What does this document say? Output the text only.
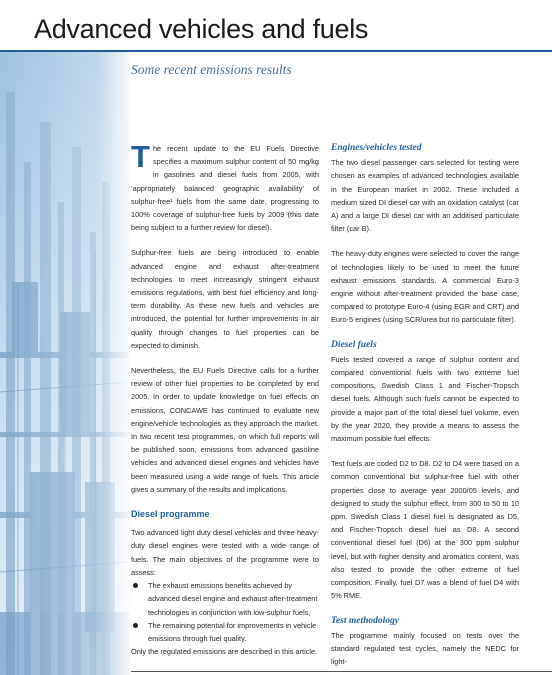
Advanced vehicles and fuels
Some recent emissions results

The recent update to the EU Fuels Directive specifies a maximum sulphur content of 50 mg/kg in gasolines and diesel fuels from 2005, with ‘appropriately balanced geographic availability’ of sulphur-free¹ fuels from the same date, progressing to 100% coverage of sulphur-free fuels by 2009 (this date being subject to a further review for diesel).

Sulphur-free fuels are being introduced to enable advanced engine and exhaust after-treatment technologies to meet increasingly stringent exhaust emissions regulations, with best fuel efficiency and long-term durability. As these new fuels and vehicles are introduced, the potential for further improvements in air quality through changes to fuel properties can be expected to diminish.

Nevertheless, the EU Fuels Directive calls for a further review of other fuel properties to be completed by end 2005. In order to update knowledge on fuel effects on emissions, CONCAWE has continued to evaluate new engine/vehicle technologies as they approach the market. In two recent test programmes, on which full reports will be published soon, emissions from advanced gasoline vehicles and advanced diesel engines and vehicles have been measured using a wide range of fuels. This article gives a summary of the results and implications.

Diesel programme

Two advanced light duty diesel vehicles and three heavy-duty diesel engines were tested with a wide range of fuels. The main objectives of the programme were to assess:

The exhaust emissions benefits achieved by advanced diesel engine and exhaust after-treatment technologies in conjunction with low-sulphur fuels,
The remaining potential for improvements in vehicle emissions through fuel quality.

Only the regulated emissions are described in this article.

Engines/vehicles tested

The two diesel passenger cars selected for testing were chosen as examples of advanced technologies available in the European market in 2002. These included a medium sized DI diesel car with an oxidation catalyst (car A) and a large DI diesel car with an additised particulate filter (car B).

The heavy-duty engines were selected to cover the range of technologies likely to be used to meet the future exhaust emissions standards. A commercial Euro-3 engine without after-treatment provided the base case, compared to prototype Euro-4 (using EGR and CRT) and Euro-5 engines (using SCR/urea but no particulate filter).

Diesel fuels

Fuels tested covered a range of sulphur content and compared conventional fuels with two extreme fuel compositions, Swedish Class 1 and Fischer-Tropsch diesel fuels. Although such fuels cannot be expected to provide a major part of the total diesel fuel volume, even by the year 2020, they provide a means to assess the maximum possible fuel effects.

Test fuels are coded D2 to D8. D2 to D4 were based on a common conventional but sulphur-free fuel with other properties close to average year 2000/05 levels, and designed to study the sulphur effect, from 300 to 50 to 10 ppm. Swedish Class 1 diesel fuel is designated as D5, and Fischer-Tropsch diesel fuel as D8. A second conventional diesel fuel (D6) at the 300 ppm sulphur level, but with higher density and aromatics content, was also tested to provide the other extreme of fuel composition. Finally, fuel D7 was a blend of fuel D4 with 5% RME.

Test methodology

The programme mainly focused on tests over the standard regulated test cycles, namely the NEDC for light-
